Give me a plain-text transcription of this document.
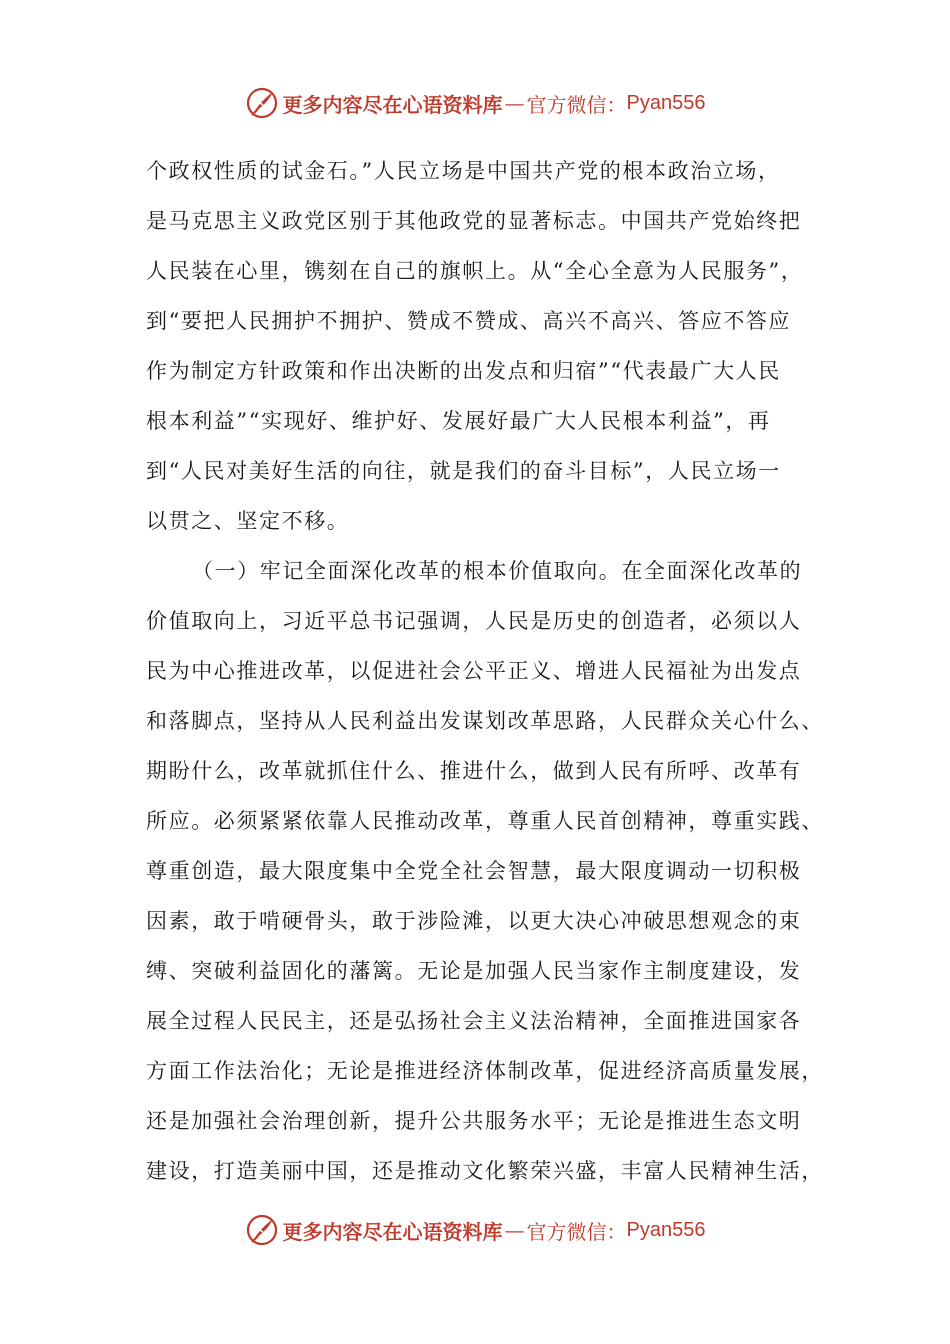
更多内容尽在心语资料库 — 官方微信： Pyan556
个政权性质的试金石。”人民立场是中国共产党的根本政治立场，
是马克思主义政党区别于其他政党的显著标志。中国共产党始终把
人民装在心里，镌刻在自己的旗帜上。从“全心全意为人民服务”，
到“要把人民拥护不拥护、赞成不赞成、高兴不高兴、答应不答应
作为制定方针政策和作出决断的出发点和归宿”“代表最广大人民
根本利益”“实现好、维护好、发展好最广大人民根本利益”，再
到“人民对美好生活的向往，就是我们的奋斗目标”，人民立场一
以贯之、坚定不移。
（一）牢记全面深化改革的根本价值取向。在全面深化改革的
价值取向上，习近平总书记强调，人民是历史的创造者，必须以人
民为中心推进改革，以促进社会公平正义、增进人民福祉为出发点
和落脚点，坚持从人民利益出发谋划改革思路，人民群众关心什么、
期盼什么，改革就抓住什么、推进什么，做到人民有所呼、改革有
所应。必须紧紧依靠人民推动改革，尊重人民首创精神，尊重实践、
尊重创造，最大限度集中全党全社会智慧，最大限度调动一切积极
因素，敢于啃硬骨头，敢于涉险滩，以更大决心冲破思想观念的束
缚、突破利益固化的藩篱。无论是加强人民当家作主制度建设，发
展全过程人民民主，还是弘扬社会主义法治精神，全面推进国家各
方面工作法治化；无论是推进经济体制改革，促进经济高质量发展，
还是加强社会治理创新，提升公共服务水平；无论是推进生态文明
建设，打造美丽中国，还是推动文化繁荣兴盛，丰富人民精神生活，
更多内容尽在心语资料库 — 官方微信： Pyan556
